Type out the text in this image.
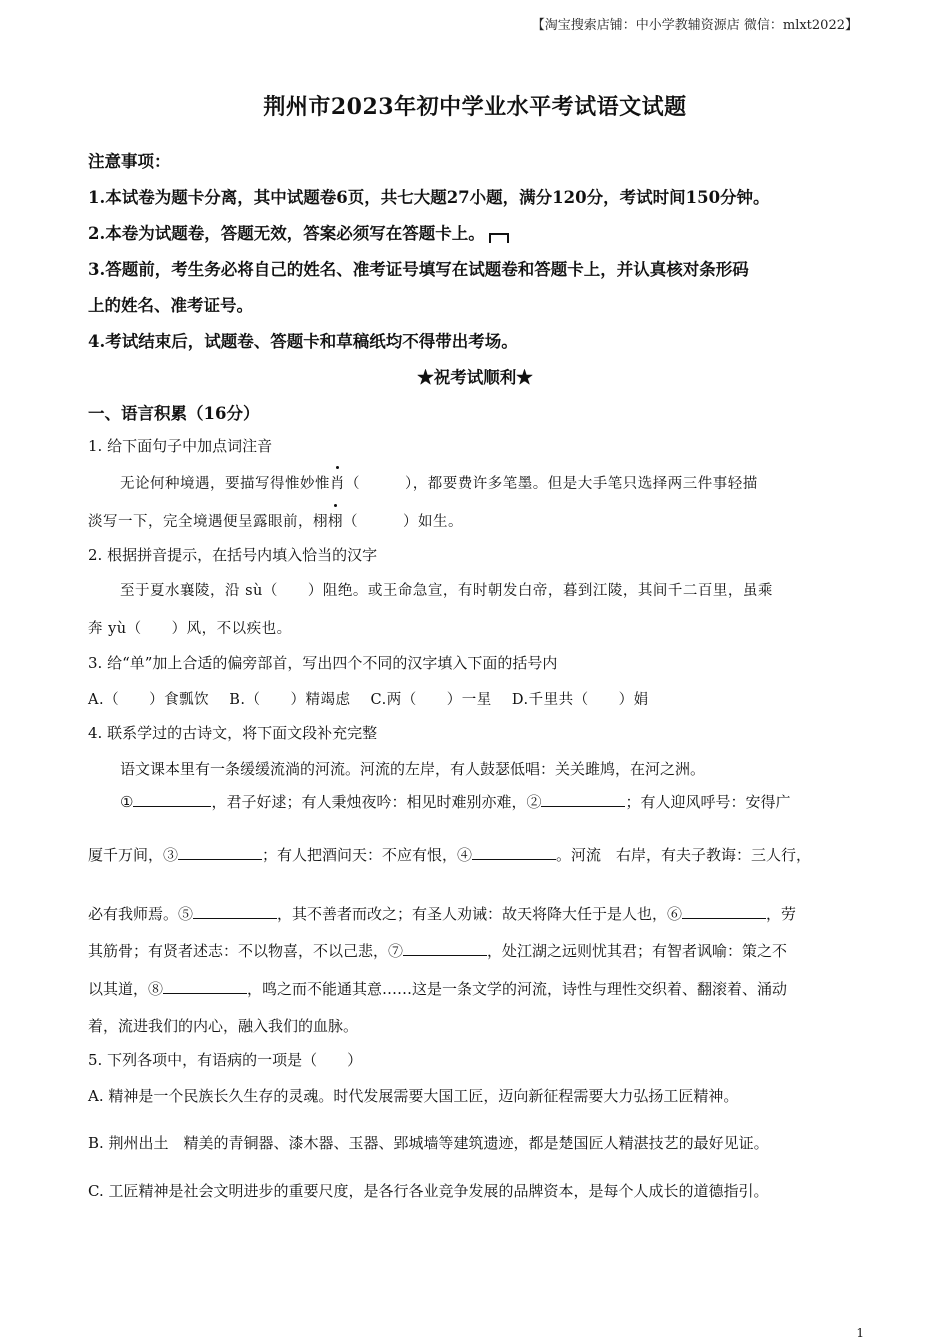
【淘宝搜索店铺：中小学教辅资源店 微信：mlxt2022】
荆州市2023年初中学业水平考试语文试题
注意事项：
1.本试卷为题卡分离，其中试题卷6页，共七大题27小题，满分120分，考试时间150分钟。
2.本卷为试题卷，答题无效，答案必须写在答题卡上。
3.答题前，考生务必将自己的姓名、准考证号填写在试题卷和答题卡上，并认真核对条形码
上的姓名、准考证号。
4.考试结束后，试题卷、答题卡和草稿纸均不得带出考场。
★祝考试顺利★
一、语言积累（16分）
1. 给下面句子中加点词注音
无论何种境遇，要描写得惟妙惟肖（　　　），都要费许多笔墨。但是大手笔只选择两三件事轻描
淡写一下，完全境遇便呈露眼前，栩栩（　　　）如生。
2. 根据拼音提示，在括号内填入恰当的汉字
至于夏水襄陵，沿 sù（　　）阻绝。或王命急宣，有时朝发白帝，暮到江陵，其间千二百里，虽乘
奔 yù（　　）风，不以疾也。
3. 给“单”加上合适的偏旁部首，写出四个不同的汉字填入下面的括号内
A.（　　）食瓢饮　 B.（　　）精竭虑　 C.两（　　）一星　 D.千里共（　　）娟
4. 联系学过的古诗文，将下面文段补充完整
语文课本里有一条缓缓流淌的河流。河流的左岸，有人鼓瑟低唱：关关雎鸠，在河之洲。
①	，君子好逑；有人秉烛夜吟：相见时难别亦难，②	；有人迎风呼号：安得广
厦千万间，③	；有人把酒问天：不应有恨，④	。河流　右岸，有夫子教诲：三人行，
必有我师焉。⑤	，其不善者而改之；有圣人劝诫：故天将降大任于是人也，⑥	，劳
其筋骨；有贤者述志：不以物喜，不以己悲，⑦	，处江湖之远则忧其君；有智者讽喻：策之不
以其道，⑧	，鸣之而不能通其意……这是一条文学的河流，诗性与理性交织着、翻滚着、涌动
着，流进我们的内心，融入我们的血脉。
5. 下列各项中，有语病的一项是（　　）
A. 精神是一个民族长久生存的灵魂。时代发展需要大国工匠，迈向新征程需要大力弘扬工匠精神。
B. 荆州出土　精美的青铜器、漆木器、玉器、郢城墙等建筑遗迹，都是楚国匠人精湛技艺的最好见证。
C. 工匠精神是社会文明进步的重要尺度，是各行各业竞争发展的品牌资本，是每个人成长的道德指引。
1
